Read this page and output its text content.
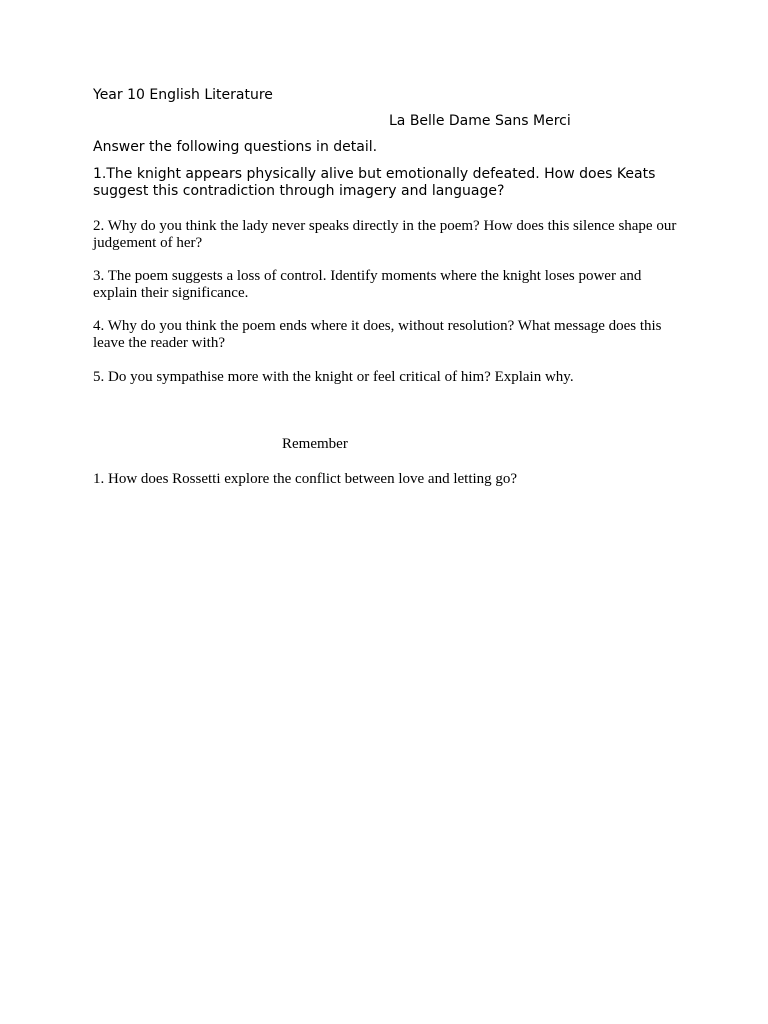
Year 10 English Literature

La Belle Dame Sans Merci

Answer the following questions in detail.

1.The knight appears physically alive but emotionally defeated. How does Keats suggest this contradiction through imagery and language?

2. Why do you think the lady never speaks directly in the poem? How does this silence shape our judgement of her?

3. The poem suggests a loss of control. Identify moments where the knight loses power and explain their significance.

4. Why do you think the poem ends where it does, without resolution? What message does this leave the reader with?

5. Do you sympathise more with the knight or feel critical of him? Explain why.

Remember

1. How does Rossetti explore the conflict between love and letting go?
